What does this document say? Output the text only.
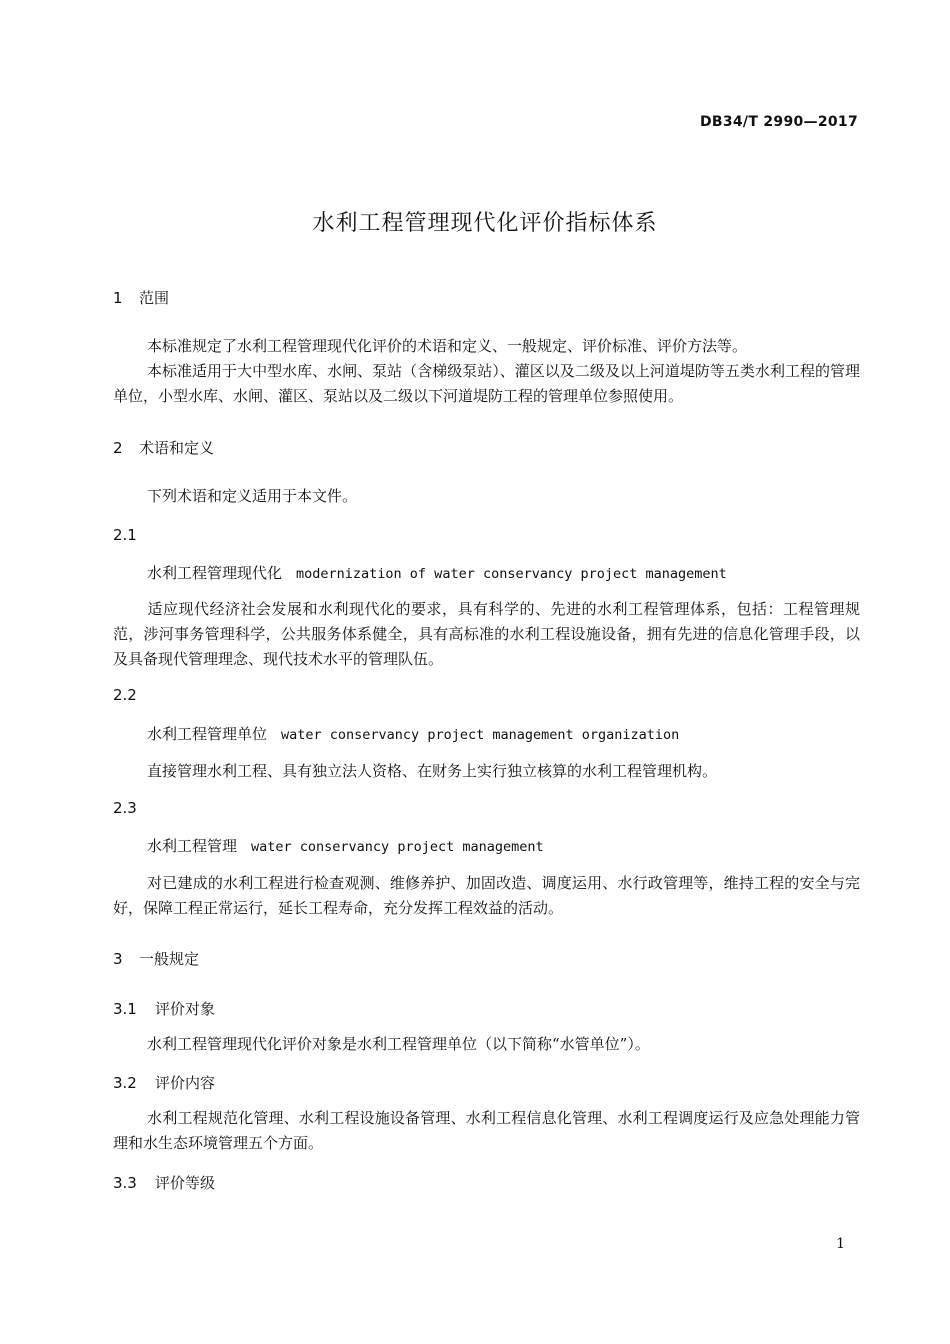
DB34/T 2990—2017
水利工程管理现代化评价指标体系
1 范围
本标准规定了水利工程管理现代化评价的术语和定义、一般规定、评价标准、评价方法等。
本标准适用于大中型水库、水闸、泵站（含梯级泵站）、灌区以及二级及以上河道堤防等五类水利工程的管理单位，小型水库、水闸、灌区、泵站以及二级以下河道堤防工程的管理单位参照使用。
2 术语和定义
下列术语和定义适用于本文件。
2.1
水利工程管理现代化 modernization of water conservancy project management
适应现代经济社会发展和水利现代化的要求，具有科学的、先进的水利工程管理体系，包括：工程管理规范，涉河事务管理科学，公共服务体系健全，具有高标准的水利工程设施设备，拥有先进的信息化管理手段，以及具备现代管理理念、现代技术水平的管理队伍。
2.2
水利工程管理单位 water conservancy project management organization
直接管理水利工程、具有独立法人资格、在财务上实行独立核算的水利工程管理机构。
2.3
水利工程管理 water conservancy project management
对已建成的水利工程进行检查观测、维修养护、加固改造、调度运用、水行政管理等，维持工程的安全与完好，保障工程正常运行，延长工程寿命，充分发挥工程效益的活动。
3 一般规定
3.1 评价对象
水利工程管理现代化评价对象是水利工程管理单位（以下简称“水管单位”）。
3.2 评价内容
水利工程规范化管理、水利工程设施设备管理、水利工程信息化管理、水利工程调度运行及应急处理能力管理和水生态环境管理五个方面。
3.3 评价等级
1
